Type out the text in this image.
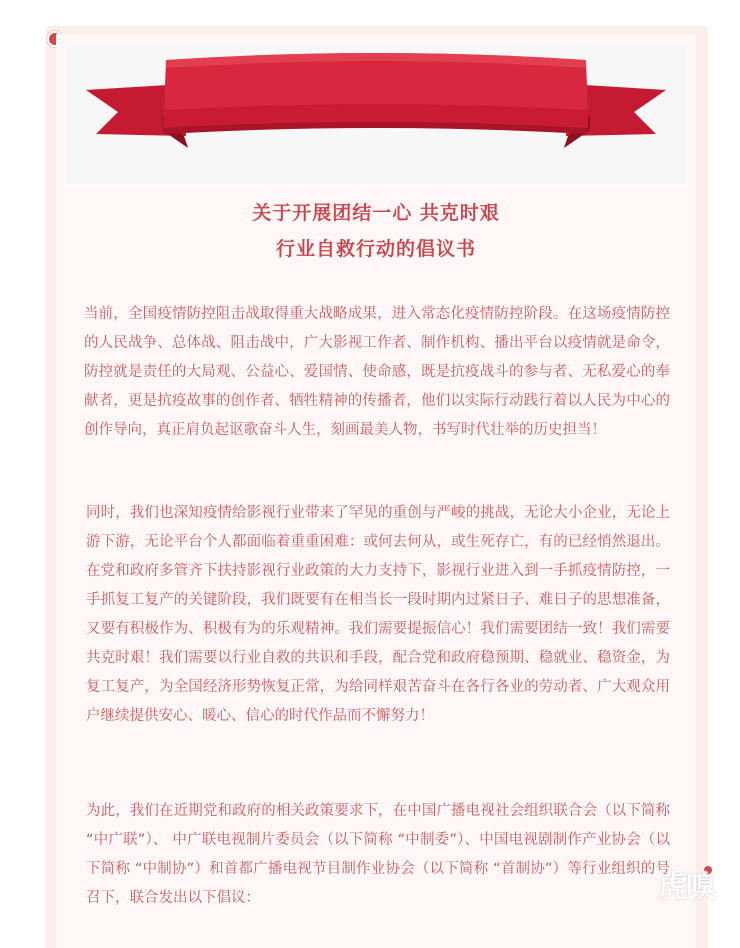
关于开展团结一心 共克时艰

行业自救行动的倡议书

当前，全国疫情防控阻击战取得重大战略成果，进入常态化疫情防控阶段。在这场疫情防控的人民战争、总体战、阻击战中，广大影视工作者、制作机构、播出平台以疫情就是命令，防控就是责任的大局观、公益心、爱国情、使命感，既是抗疫战斗的参与者、无私爱心的奉献者，更是抗疫故事的创作者、牺牲精神的传播者，他们以实际行动践行着以人民为中心的创作导向，真正肩负起讴歌奋斗人生，刻画最美人物，书写时代壮举的历史担当！

同时，我们也深知疫情给影视行业带来了罕见的重创与严峻的挑战，无论大小企业，无论上游下游，无论平台个人都面临着重重困难：或何去何从，或生死存亡，有的已经悄然退出。在党和政府多管齐下扶持影视行业政策的大力支持下，影视行业进入到一手抓疫情防控，一手抓复工复产的关键阶段，我们既要有在相当长一段时期内过紧日子、难日子的思想准备，又要有积极作为、积极有为的乐观精神。我们需要提振信心！我们需要团结一致！我们需要共克时艰！我们需要以行业自救的共识和手段，配合党和政府稳预期、稳就业、稳资金，为复工复产，为全国经济形势恢复正常，为给同样艰苦奋斗在各行各业的劳动者、广大观众用户继续提供安心、暖心、信心的时代作品而不懈努力！

为此，我们在近期党和政府的相关政策要求下，在中国广播电视社会组织联合会（以下简称 “中广联”）、 中广联电视制片委员会（以下简称 “中制委”）、中国电视剧制作产业协会（以下简称 “中制协”）和首都广播电视节目制作业协会（以下简称 “首制协”）等行业组织的号召下，联合发出以下倡议：	虎嗅
